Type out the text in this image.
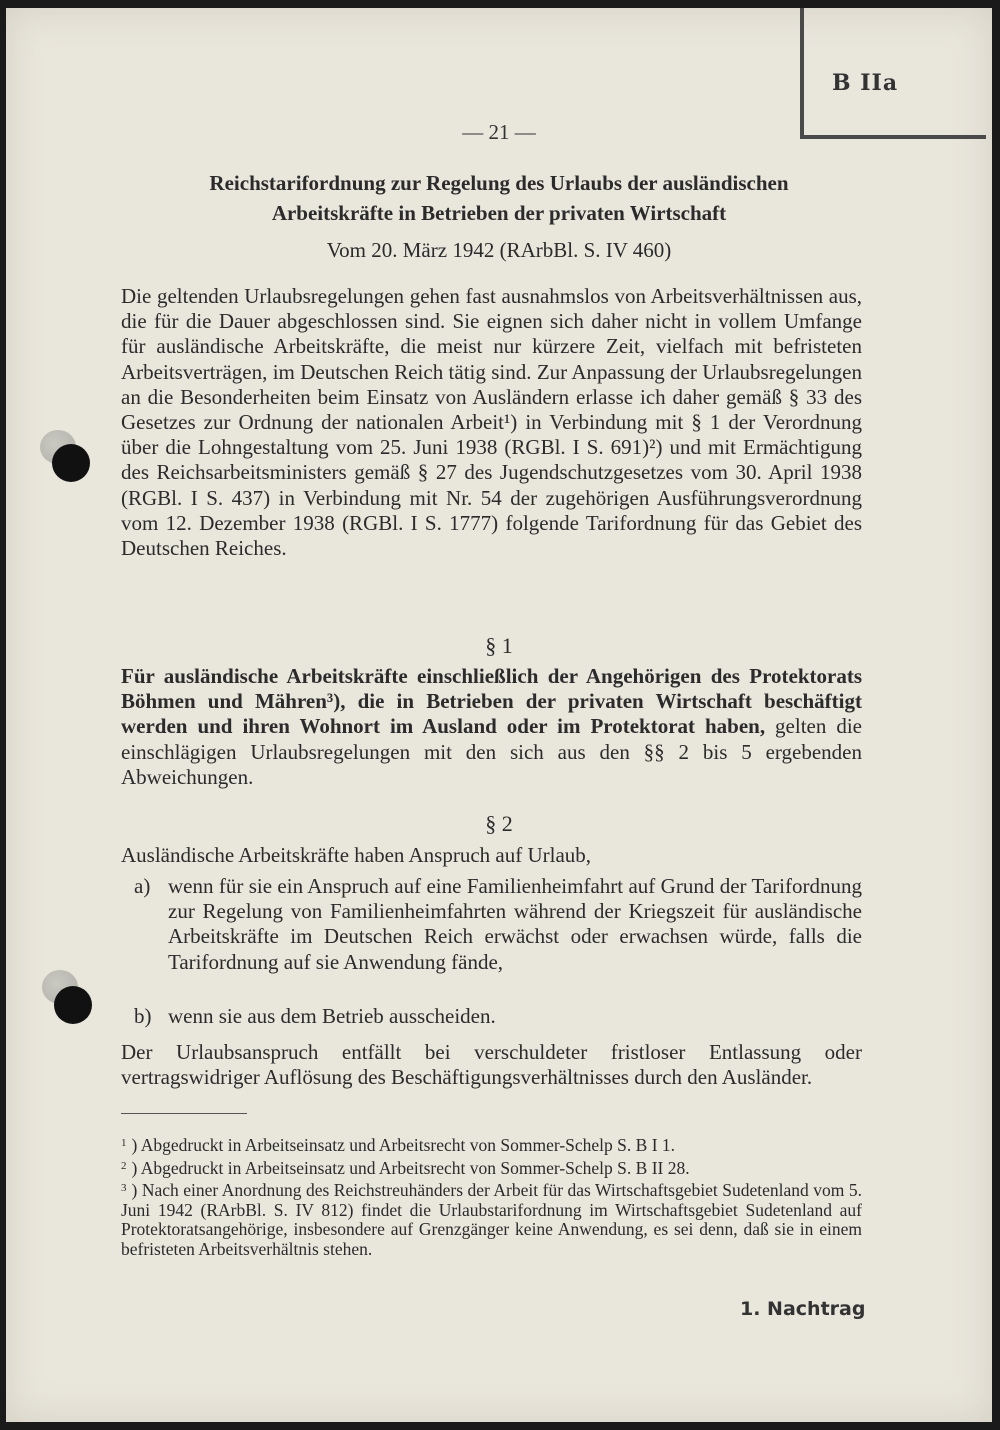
B IIa
— 21 —
Reichstarifordnung zur Regelung des Urlaubs der ausländischen
Arbeitskräfte in Betrieben der privaten Wirtschaft
Vom 20. März 1942 (RArbBl. S. IV 460)
Die geltenden Urlaubsregelungen gehen fast ausnahmslos von Arbeitsverhältnissen aus, die für die Dauer abgeschlossen sind. Sie eignen sich daher nicht in vollem Umfange für ausländische Arbeitskräfte, die meist nur kürzere Zeit, vielfach mit befristeten Arbeitsverträgen, im Deutschen Reich tätig sind. Zur Anpassung der Urlaubsregelungen an die Besonderheiten beim Einsatz von Ausländern erlasse ich daher gemäß § 33 des Gesetzes zur Ordnung der nationalen Arbeit¹) in Verbindung mit § 1 der Verordnung über die Lohngestaltung vom 25. Juni 1938 (RGBl. I S. 691)²) und mit Ermächtigung des Reichsarbeitsministers gemäß § 27 des Jugendschutzgesetzes vom 30. April 1938 (RGBl. I S. 437) in Verbindung mit Nr. 54 der zugehörigen Ausführungsverordnung vom 12. Dezember 1938 (RGBl. I S. 1777) folgende Tarifordnung für das Gebiet des Deutschen Reiches.
§ 1
Für ausländische Arbeitskräfte einschließlich der Angehörigen des Protektorats Böhmen und Mähren³), die in Betrieben der privaten Wirtschaft beschäftigt werden und ihren Wohnort im Ausland oder im Protektorat haben, gelten die einschlägigen Urlaubsregelungen mit den sich aus den §§ 2 bis 5 ergebenden Abweichungen.
§ 2
Ausländische Arbeitskräfte haben Anspruch auf Urlaub,
a) wenn für sie ein Anspruch auf eine Familienheimfahrt auf Grund der Tarifordnung zur Regelung von Familienheimfahrten während der Kriegszeit für ausländische Arbeitskräfte im Deutschen Reich erwächst oder erwachsen würde, falls die Tarifordnung auf sie Anwendung fände,
b) wenn sie aus dem Betrieb ausscheiden.
Der Urlaubsanspruch entfällt bei verschuldeter fristloser Entlassung oder vertragswidriger Auflösung des Beschäftigungsverhältnisses durch den Ausländer.

$^1$ ) Abgedruckt in Arbeitseinsatz und Arbeitsrecht von Sommer-Schelp S. B I 1.

$^2$ ) Abgedruckt in Arbeitseinsatz und Arbeitsrecht von Sommer-Schelp S. B II 28.

$^3$ ) Nach einer Anordnung des Reichstreuhänders der Arbeit für das Wirtschaftsgebiet Sudetenland vom 5. Juni 1942 (RArbBl. S. IV 812) findet die Urlaubstarifordnung im Wirtschaftsgebiet Sudetenland auf Protektoratsangehörige, insbesondere auf Grenzgänger keine Anwendung, es sei denn, daß sie in einem befristeten Arbeitsverhältnis stehen.

1. Nachtrag
